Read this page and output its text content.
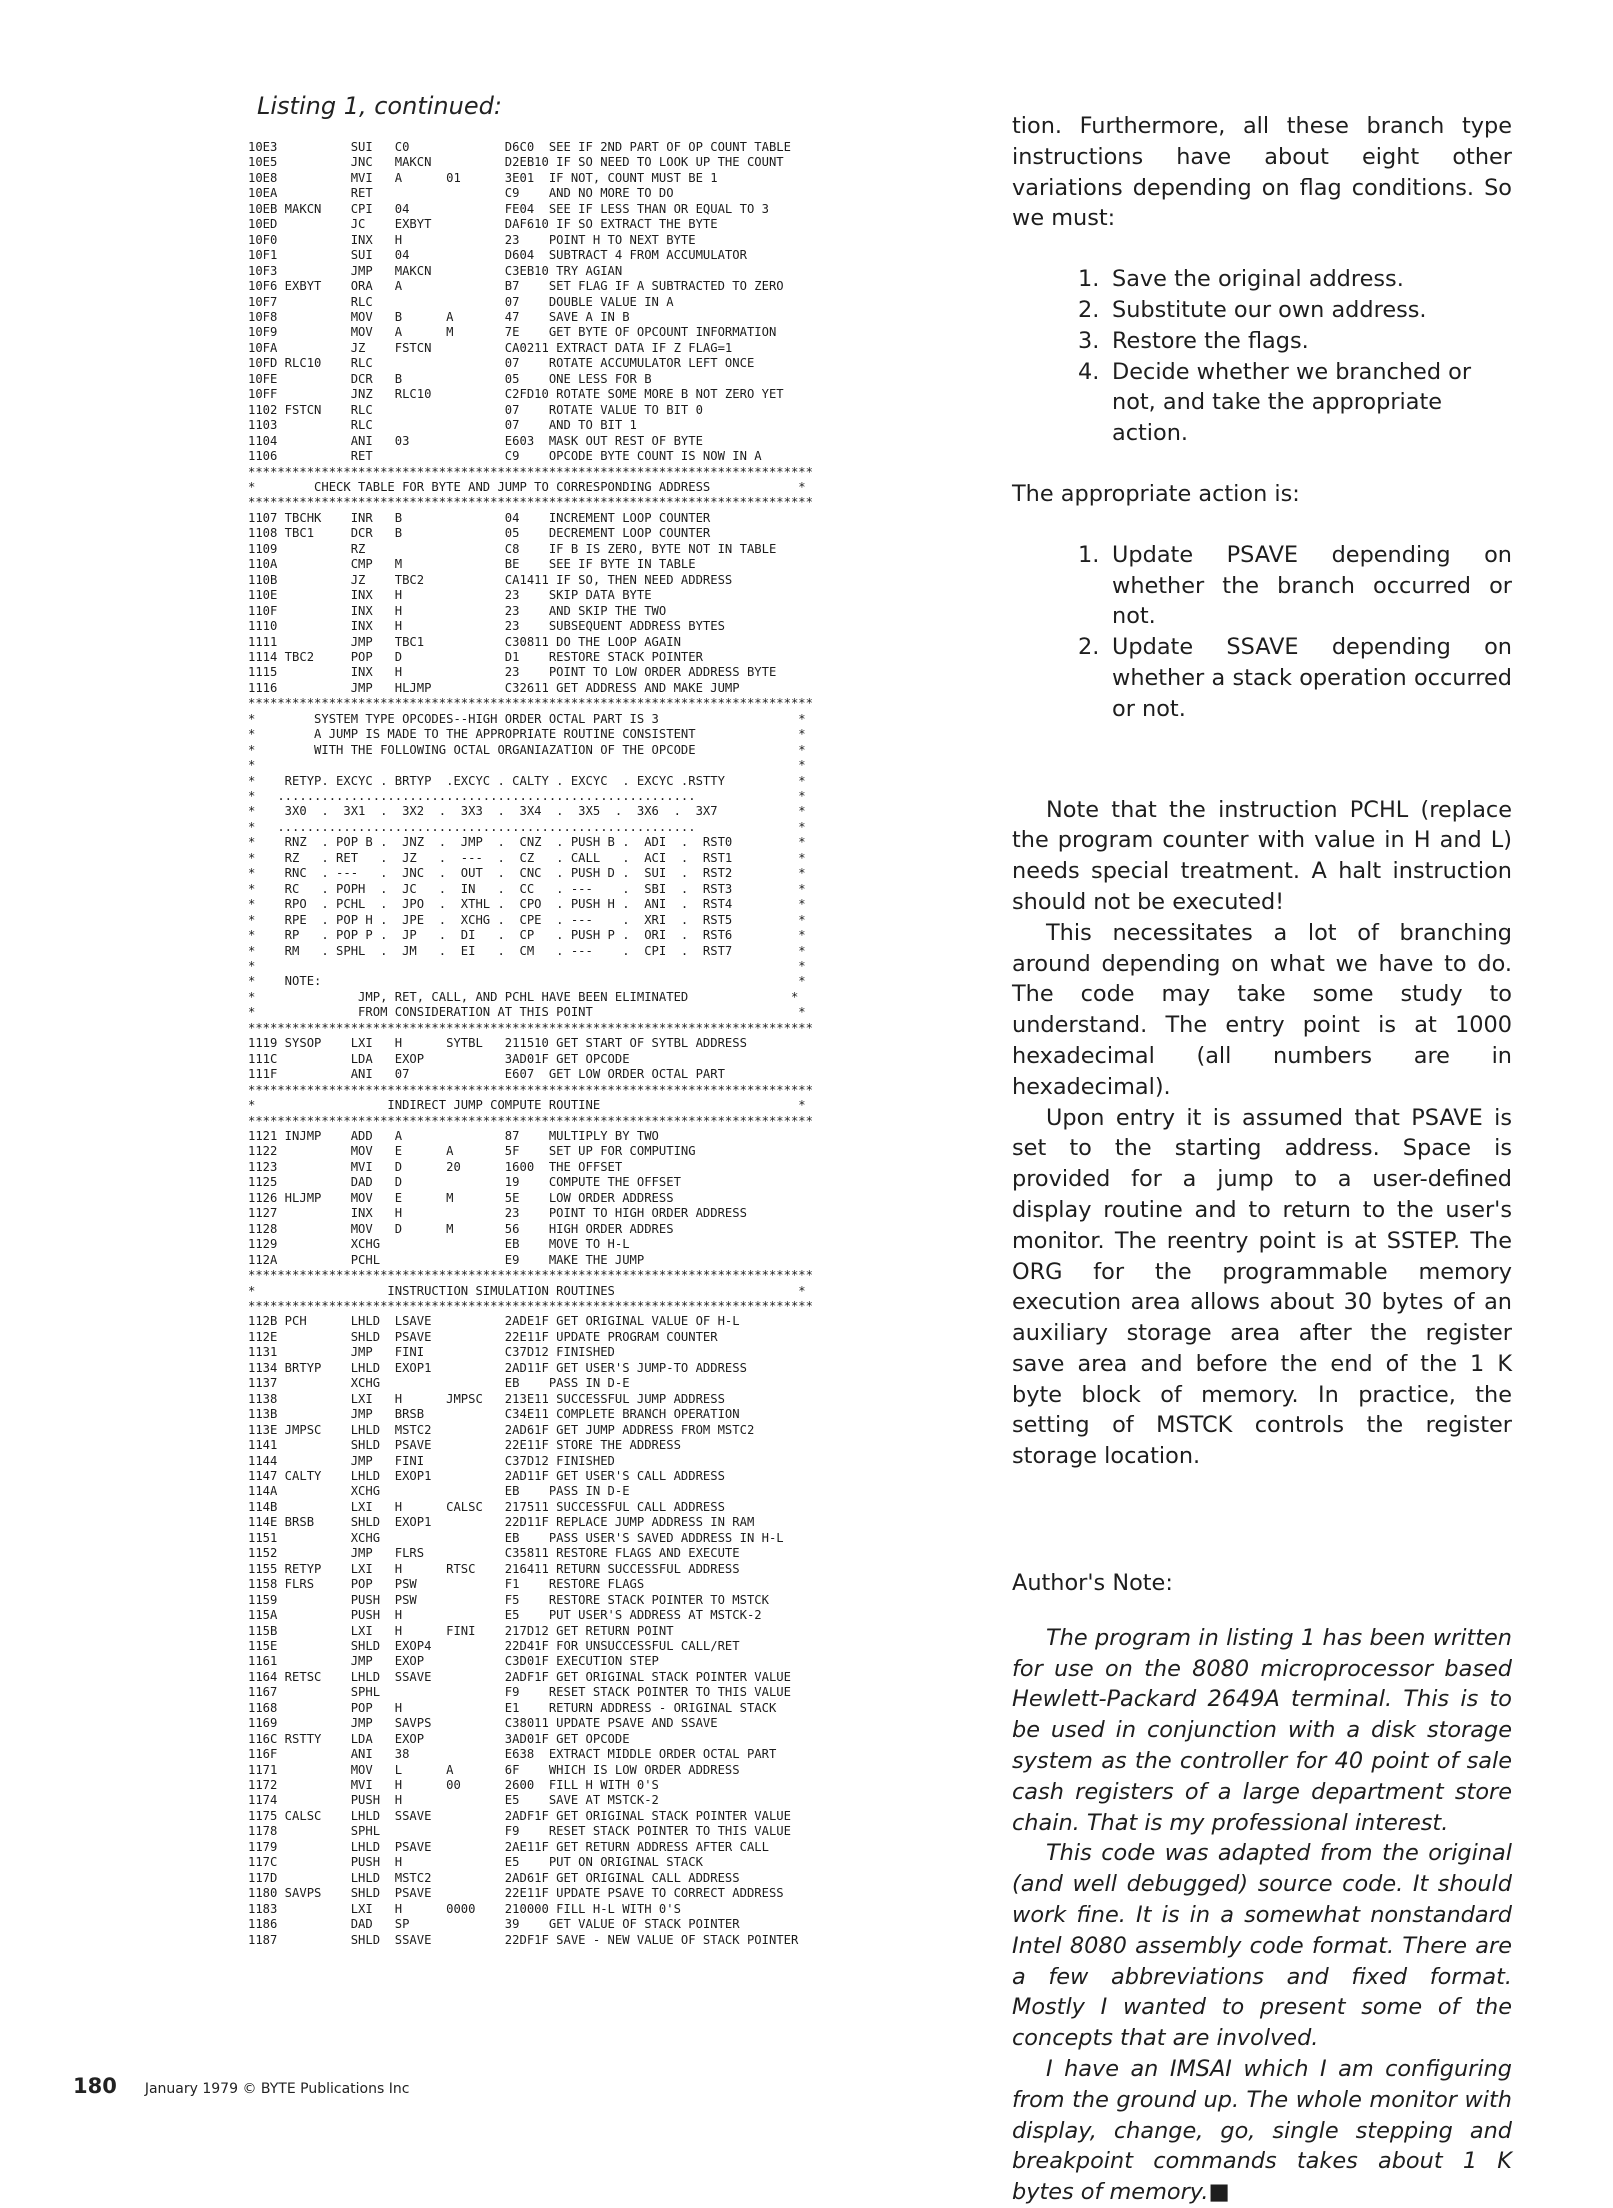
Listing 1, continued:
10E3          SUI   C0             D6C0  SEE IF 2ND PART OF OP COUNT TABLE
10E5          JNC   MAKCN          D2EB10 IF SO NEED TO LOOK UP THE COUNT
10E8          MVI   A      01      3E01  IF NOT, COUNT MUST BE 1
10EA          RET                  C9    AND NO MORE TO DO
10EB MAKCN    CPI   04             FE04  SEE IF LESS THAN OR EQUAL TO 3
10ED          JC    EXBYT          DAF610 IF SO EXTRACT THE BYTE
10F0          INX   H              23    POINT H TO NEXT BYTE
10F1          SUI   04             D604  SUBTRACT 4 FROM ACCUMULATOR
10F3          JMP   MAKCN          C3EB10 TRY AGIAN
10F6 EXBYT    ORA   A              B7    SET FLAG IF A SUBTRACTED TO ZERO
10F7          RLC                  07    DOUBLE VALUE IN A
10F8          MOV   B      A       47    SAVE A IN B
10F9          MOV   A      M       7E    GET BYTE OF OPCOUNT INFORMATION
10FA          JZ    FSTCN          CA0211 EXTRACT DATA IF Z FLAG=1
10FD RLC10    RLC                  07    ROTATE ACCUMULATOR LEFT ONCE
10FE          DCR   B              05    ONE LESS FOR B
10FF          JNZ   RLC10          C2FD10 ROTATE SOME MORE B NOT ZERO YET
1102 FSTCN    RLC                  07    ROTATE VALUE TO BIT 0
1103          RLC                  07    AND TO BIT 1
1104          ANI   03             E603  MASK OUT REST OF BYTE
1106          RET                  C9    OPCODE BYTE COUNT IS NOW IN A
*****************************************************************************
*        CHECK TABLE FOR BYTE AND JUMP TO CORRESPONDING ADDRESS            *
*****************************************************************************
1107 TBCHK    INR   B              04    INCREMENT LOOP COUNTER
1108 TBC1     DCR   B              05    DECREMENT LOOP COUNTER
1109          RZ                   C8    IF B IS ZERO, BYTE NOT IN TABLE
110A          CMP   M              BE    SEE IF BYTE IN TABLE
110B          JZ    TBC2           CA1411 IF SO, THEN NEED ADDRESS
110E          INX   H              23    SKIP DATA BYTE
110F          INX   H              23    AND SKIP THE TWO
1110          INX   H              23    SUBSEQUENT ADDRESS BYTES
1111          JMP   TBC1           C30811 DO THE LOOP AGAIN
1114 TBC2     POP   D              D1    RESTORE STACK POINTER
1115          INX   H              23    POINT TO LOW ORDER ADDRESS BYTE
1116          JMP   HLJMP          C32611 GET ADDRESS AND MAKE JUMP
*****************************************************************************
*        SYSTEM TYPE OPCODES--HIGH ORDER OCTAL PART IS 3                   *
*        A JUMP IS MADE TO THE APPROPRIATE ROUTINE CONSISTENT              *
*        WITH THE FOLLOWING OCTAL ORGANIAZATION OF THE OPCODE              *
*                                                                          *
*    RETYP. EXCYC . BRTYP  .EXCYC . CALTY . EXCYC  . EXCYC .RSTTY          *
*   .........................................................              *
*    3X0  .  3X1  .  3X2  .  3X3  .  3X4  .  3X5  .  3X6  .  3X7           *
*   .........................................................              *
*    RNZ  . POP B .  JNZ  .  JMP  .  CNZ  . PUSH B .  ADI  .  RST0         *
*    RZ   . RET   .  JZ   .  ---  .  CZ   . CALL   .  ACI  .  RST1         *
*    RNC  . ---   .  JNC  .  OUT  .  CNC  . PUSH D .  SUI  .  RST2         *
*    RC   . POPH  .  JC   .  IN   .  CC   . ---    .  SBI  .  RST3         *
*    RPO  . PCHL  .  JPO  .  XTHL .  CPO  . PUSH H .  ANI  .  RST4         *
*    RPE  . POP H .  JPE  .  XCHG .  CPE  . ---    .  XRI  .  RST5         *
*    RP   . POP P .  JP   .  DI   .  CP   . PUSH P .  ORI  .  RST6         *
*    RM   . SPHL  .  JM   .  EI   .  CM   . ---    .  CPI  .  RST7         *
*                                                                          *
*    NOTE:                                                                 *
*              JMP, RET, CALL, AND PCHL HAVE BEEN ELIMINATED              *
*              FROM CONSIDERATION AT THIS POINT                            *
*****************************************************************************
1119 SYSOP    LXI   H      SYTBL   211510 GET START OF SYTBL ADDRESS
111C          LDA   EXOP           3AD01F GET OPCODE
111F          ANI   07             E607  GET LOW ORDER OCTAL PART
*****************************************************************************
*                  INDIRECT JUMP COMPUTE ROUTINE                           *
*****************************************************************************
1121 INJMP    ADD   A              87    MULTIPLY BY TWO
1122          MOV   E      A       5F    SET UP FOR COMPUTING
1123          MVI   D      20      1600  THE OFFSET
1125          DAD   D              19    COMPUTE THE OFFSET
1126 HLJMP    MOV   E      M       5E    LOW ORDER ADDRESS
1127          INX   H              23    POINT TO HIGH ORDER ADDRESS
1128          MOV   D      M       56    HIGH ORDER ADDRES
1129          XCHG                 EB    MOVE TO H-L
112A          PCHL                 E9    MAKE THE JUMP
*****************************************************************************
*                  INSTRUCTION SIMULATION ROUTINES                         *
*****************************************************************************
112B PCH      LHLD  LSAVE          2ADE1F GET ORIGINAL VALUE OF H-L
112E          SHLD  PSAVE          22E11F UPDATE PROGRAM COUNTER
1131          JMP   FINI           C37D12 FINISHED
1134 BRTYP    LHLD  EXOP1          2AD11F GET USER'S JUMP-TO ADDRESS
1137          XCHG                 EB    PASS IN D-E
1138          LXI   H      JMPSC   213E11 SUCCESSFUL JUMP ADDRESS
113B          JMP   BRSB           C34E11 COMPLETE BRANCH OPERATION
113E JMPSC    LHLD  MSTC2          2AD61F GET JUMP ADDRESS FROM MSTC2
1141          SHLD  PSAVE          22E11F STORE THE ADDRESS
1144          JMP   FINI           C37D12 FINISHED
1147 CALTY    LHLD  EXOP1          2AD11F GET USER'S CALL ADDRESS
114A          XCHG                 EB    PASS IN D-E
114B          LXI   H      CALSC   217511 SUCCESSFUL CALL ADDRESS
114E BRSB     SHLD  EXOP1          22D11F REPLACE JUMP ADDRESS IN RAM
1151          XCHG                 EB    PASS USER'S SAVED ADDRESS IN H-L
1152          JMP   FLRS           C35811 RESTORE FLAGS AND EXECUTE
1155 RETYP    LXI   H      RTSC    216411 RETURN SUCCESSFUL ADDRESS
1158 FLRS     POP   PSW            F1    RESTORE FLAGS
1159          PUSH  PSW            F5    RESTORE STACK POINTER TO MSTCK
115A          PUSH  H              E5    PUT USER'S ADDRESS AT MSTCK-2
115B          LXI   H      FINI    217D12 GET RETURN POINT
115E          SHLD  EXOP4          22D41F FOR UNSUCCESSFUL CALL/RET
1161          JMP   EXOP           C3D01F EXECUTION STEP
1164 RETSC    LHLD  SSAVE          2ADF1F GET ORIGINAL STACK POINTER VALUE
1167          SPHL                 F9    RESET STACK POINTER TO THIS VALUE
1168          POP   H              E1    RETURN ADDRESS - ORIGINAL STACK
1169          JMP   SAVPS          C38011 UPDATE PSAVE AND SSAVE
116C RSTTY    LDA   EXOP           3AD01F GET OPCODE
116F          ANI   38             E638  EXTRACT MIDDLE ORDER OCTAL PART
1171          MOV   L      A       6F    WHICH IS LOW ORDER ADDRESS
1172          MVI   H      00      2600  FILL H WITH 0'S
1174          PUSH  H              E5    SAVE AT MSTCK-2
1175 CALSC    LHLD  SSAVE          2ADF1F GET ORIGINAL STACK POINTER VALUE
1178          SPHL                 F9    RESET STACK POINTER TO THIS VALUE
1179          LHLD  PSAVE          2AE11F GET RETURN ADDRESS AFTER CALL
117C          PUSH  H              E5    PUT ON ORIGINAL STACK
117D          LHLD  MSTC2          2AD61F GET ORIGINAL CALL ADDRESS
1180 SAVPS    SHLD  PSAVE          22E11F UPDATE PSAVE TO CORRECT ADDRESS
1183          LXI   H      0000    210000 FILL H-L WITH 0'S
1186          DAD   SP             39    GET VALUE OF STACK POINTER
1187          SHLD  SSAVE          22DF1F SAVE - NEW VALUE OF STACK POINTER

tion. Furthermore, all these branch type instructions have about eight other variations depending on flag conditions. So we must:

1. Save the original address.
2. Substitute our own address.
3. Restore the flags.
4. Decide whether we branched or not, and take the appropriate action.

The appropriate action is:

1. Update PSAVE depending on whether the branch occurred or not.
2. Update SSAVE depending on whether a stack operation occurred or not.

Note that the instruction PCHL (replace the program counter with value in H and L) needs special treatment. A halt instruction should not be executed!

This necessitates a lot of branching around depending on what we have to do. The code may take some study to understand. The entry point is at 1000 hexadecimal (all numbers are in hexadecimal).

Upon entry it is assumed that PSAVE is set to the starting address. Space is provided for a jump to a user-defined display routine and to return to the user's monitor. The reentry point is at SSTEP. The ORG for the programmable memory execution area allows about 30 bytes of an auxiliary storage area after the register save area and before the end of the 1 K byte block of memory. In practice, the setting of MSTCK controls the register storage location.

Author's Note:

The program in listing 1 has been written for use on the 8080 microprocessor based Hewlett-Packard 2649A terminal. This is to be used in conjunction with a disk storage system as the controller for 40 point of sale cash registers of a large department store chain. That is my professional interest.

This code was adapted from the original (and well debugged) source code. It should work fine. It is in a somewhat nonstandard Intel 8080 assembly code format. There are a few abbreviations and fixed format. Mostly I wanted to present some of the concepts that are involved.

I have an IMSAI which I am configuring from the ground up. The whole monitor with display, change, go, single stepping and breakpoint commands takes about 1 K bytes of memory.■

180 January 1979 © BYTE Publications Inc
